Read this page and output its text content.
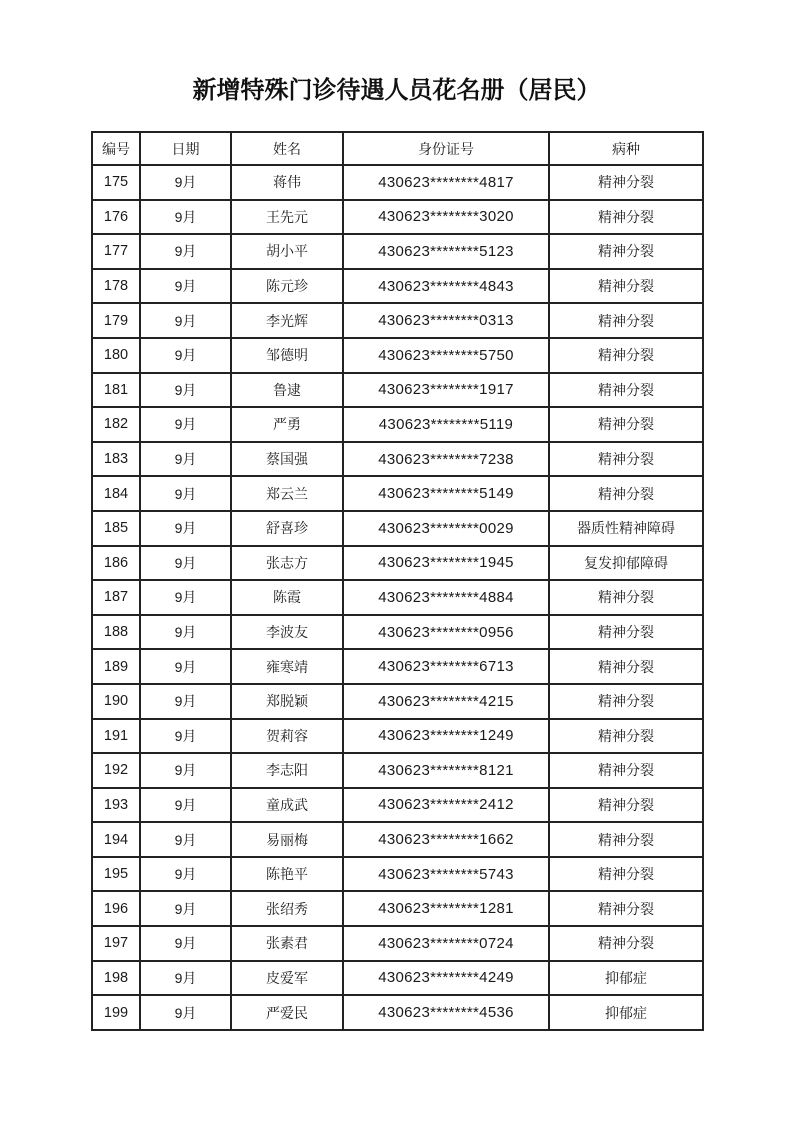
新增特殊门诊待遇人员花名册（居民）
编号	日期	姓名	身份证号	病种
175	9月	蒋伟	430623********4817	精神分裂
176	9月	王先元	430623********3020	精神分裂
177	9月	胡小平	430623********5123	精神分裂
178	9月	陈元珍	430623********4843	精神分裂
179	9月	李光辉	430623********0313	精神分裂
180	9月	邹德明	430623********5750	精神分裂
181	9月	鲁逮	430623********1917	精神分裂
182	9月	严勇	430623********5119	精神分裂
183	9月	蔡国强	430623********7238	精神分裂
184	9月	郑云兰	430623********5149	精神分裂
185	9月	舒喜珍	430623********0029	器质性精神障碍
186	9月	张志方	430623********1945	复发抑郁障碍
187	9月	陈霞	430623********4884	精神分裂
188	9月	李波友	430623********0956	精神分裂
189	9月	雍寒靖	430623********6713	精神分裂
190	9月	郑脱颖	430623********4215	精神分裂
191	9月	贺莉容	430623********1249	精神分裂
192	9月	李志阳	430623********8121	精神分裂
193	9月	童成武	430623********2412	精神分裂
194	9月	易丽梅	430623********1662	精神分裂
195	9月	陈艳平	430623********5743	精神分裂
196	9月	张绍秀	430623********1281	精神分裂
197	9月	张素君	430623********0724	精神分裂
198	9月	皮爱军	430623********4249	抑郁症
199	9月	严爱民	430623********4536	抑郁症
